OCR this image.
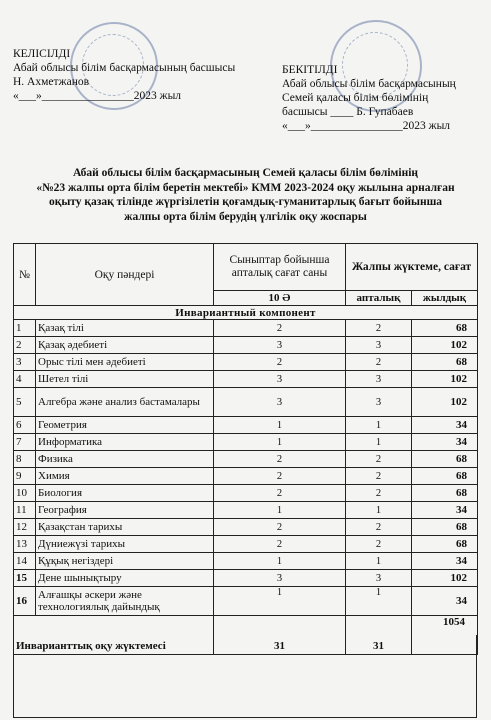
КЕЛІСІЛДІ
Абай облысы білім басқармасының басшысы
Н. Ахметжанов
«___»________________2023 жыл
БЕКІТІЛДІ
Абай облысы білім басқармасының
Семей қаласы білім бөлімінің
басшысы ____ Б. Гупабаев
«___»________________2023 жыл
Абай облысы білім басқармасының Семей қаласы білім бөлімінің
«№23 жалпы орта білім беретін мектебі» КММ 2023-2024 оқу жылына арналған
оқыту қазақ тілінде жүргізілетін қоғамдық-гуманитарлық бағыт бойынша
жалпы орта білім берудің үлгілік оқу жоспары
№	Оқу пәндері	Сыныптар бойынша апталық сағат саны	Жалпы жүктеме, сағат	
		10 Ә	апталық	жылдық
Инвариантный компонент				
1	Қазақ тілі	2	2	68
2	Қазақ әдебиеті	3	3	102
3	Орыс тілі мен әдебиеті	2	2	68
4	Шетел тілі	3	3	102
5	Алгебра және анализ бастамалары	3	3	102
6	Геометрия	1	1	34
7	Информатика	1	1	34
8	Физика	2	2	68
9	Химия	2	2	68
10	Биология	2	2	68
11	География	1	1	34
12	Қазақстан тарихы	2	2	68
13	Дүниежүзі тарихы	2	2	68
14	Құқық негіздері	1	1	34
15	Дене шынықтыру	3	3	102
16	Алғашқы әскери және технологиялық дайындық	1	1	34
Инварианттық оқу жүктемесі		31	31	1054
